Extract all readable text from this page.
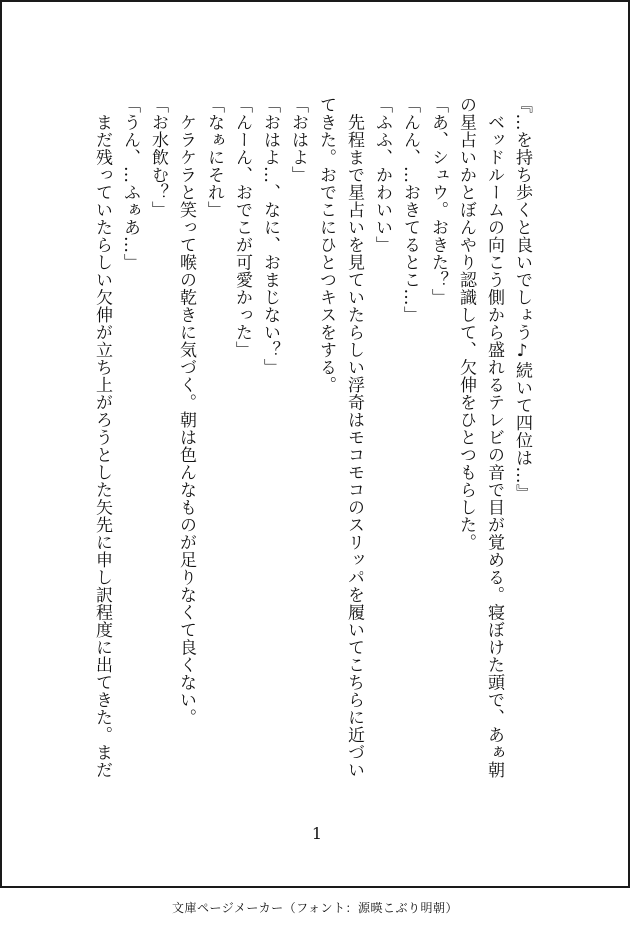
『…を持ち歩くと良いでしょう♪続いて四位は…』

　ベッドルームの向こう側から盛れるテレビの音で目が覚める。寝ぼけた頭で、あぁ朝

の星占いかとぼんやり認識して、欠伸をひとつもらした。

「あ、シュウ。おきた？」

「んん、…おきてるとこ…」

「ふふ、かわいい」

　先程まで星占いを見ていたらしい浮奇はモコモコのスリッパを履いてこちらに近づい

てきた。おでこにひとつキスをする。

「おはよ」

「おはよ…、なに、おまじない？」

「んーん、おでこが可愛かった」

「なぁにそれ」

　ケラケラと笑って喉の乾きに気づく。朝は色んなものが足りなくて良くない。

「お水飲む？」

「うん、…ふぁあ…」

　まだ残っていたらしい欠伸が立ち上がろうとした矢先に申し訳程度に出てきた。まだ

1
文庫ページメーカー（フォント：源暎こぶり明朝）
